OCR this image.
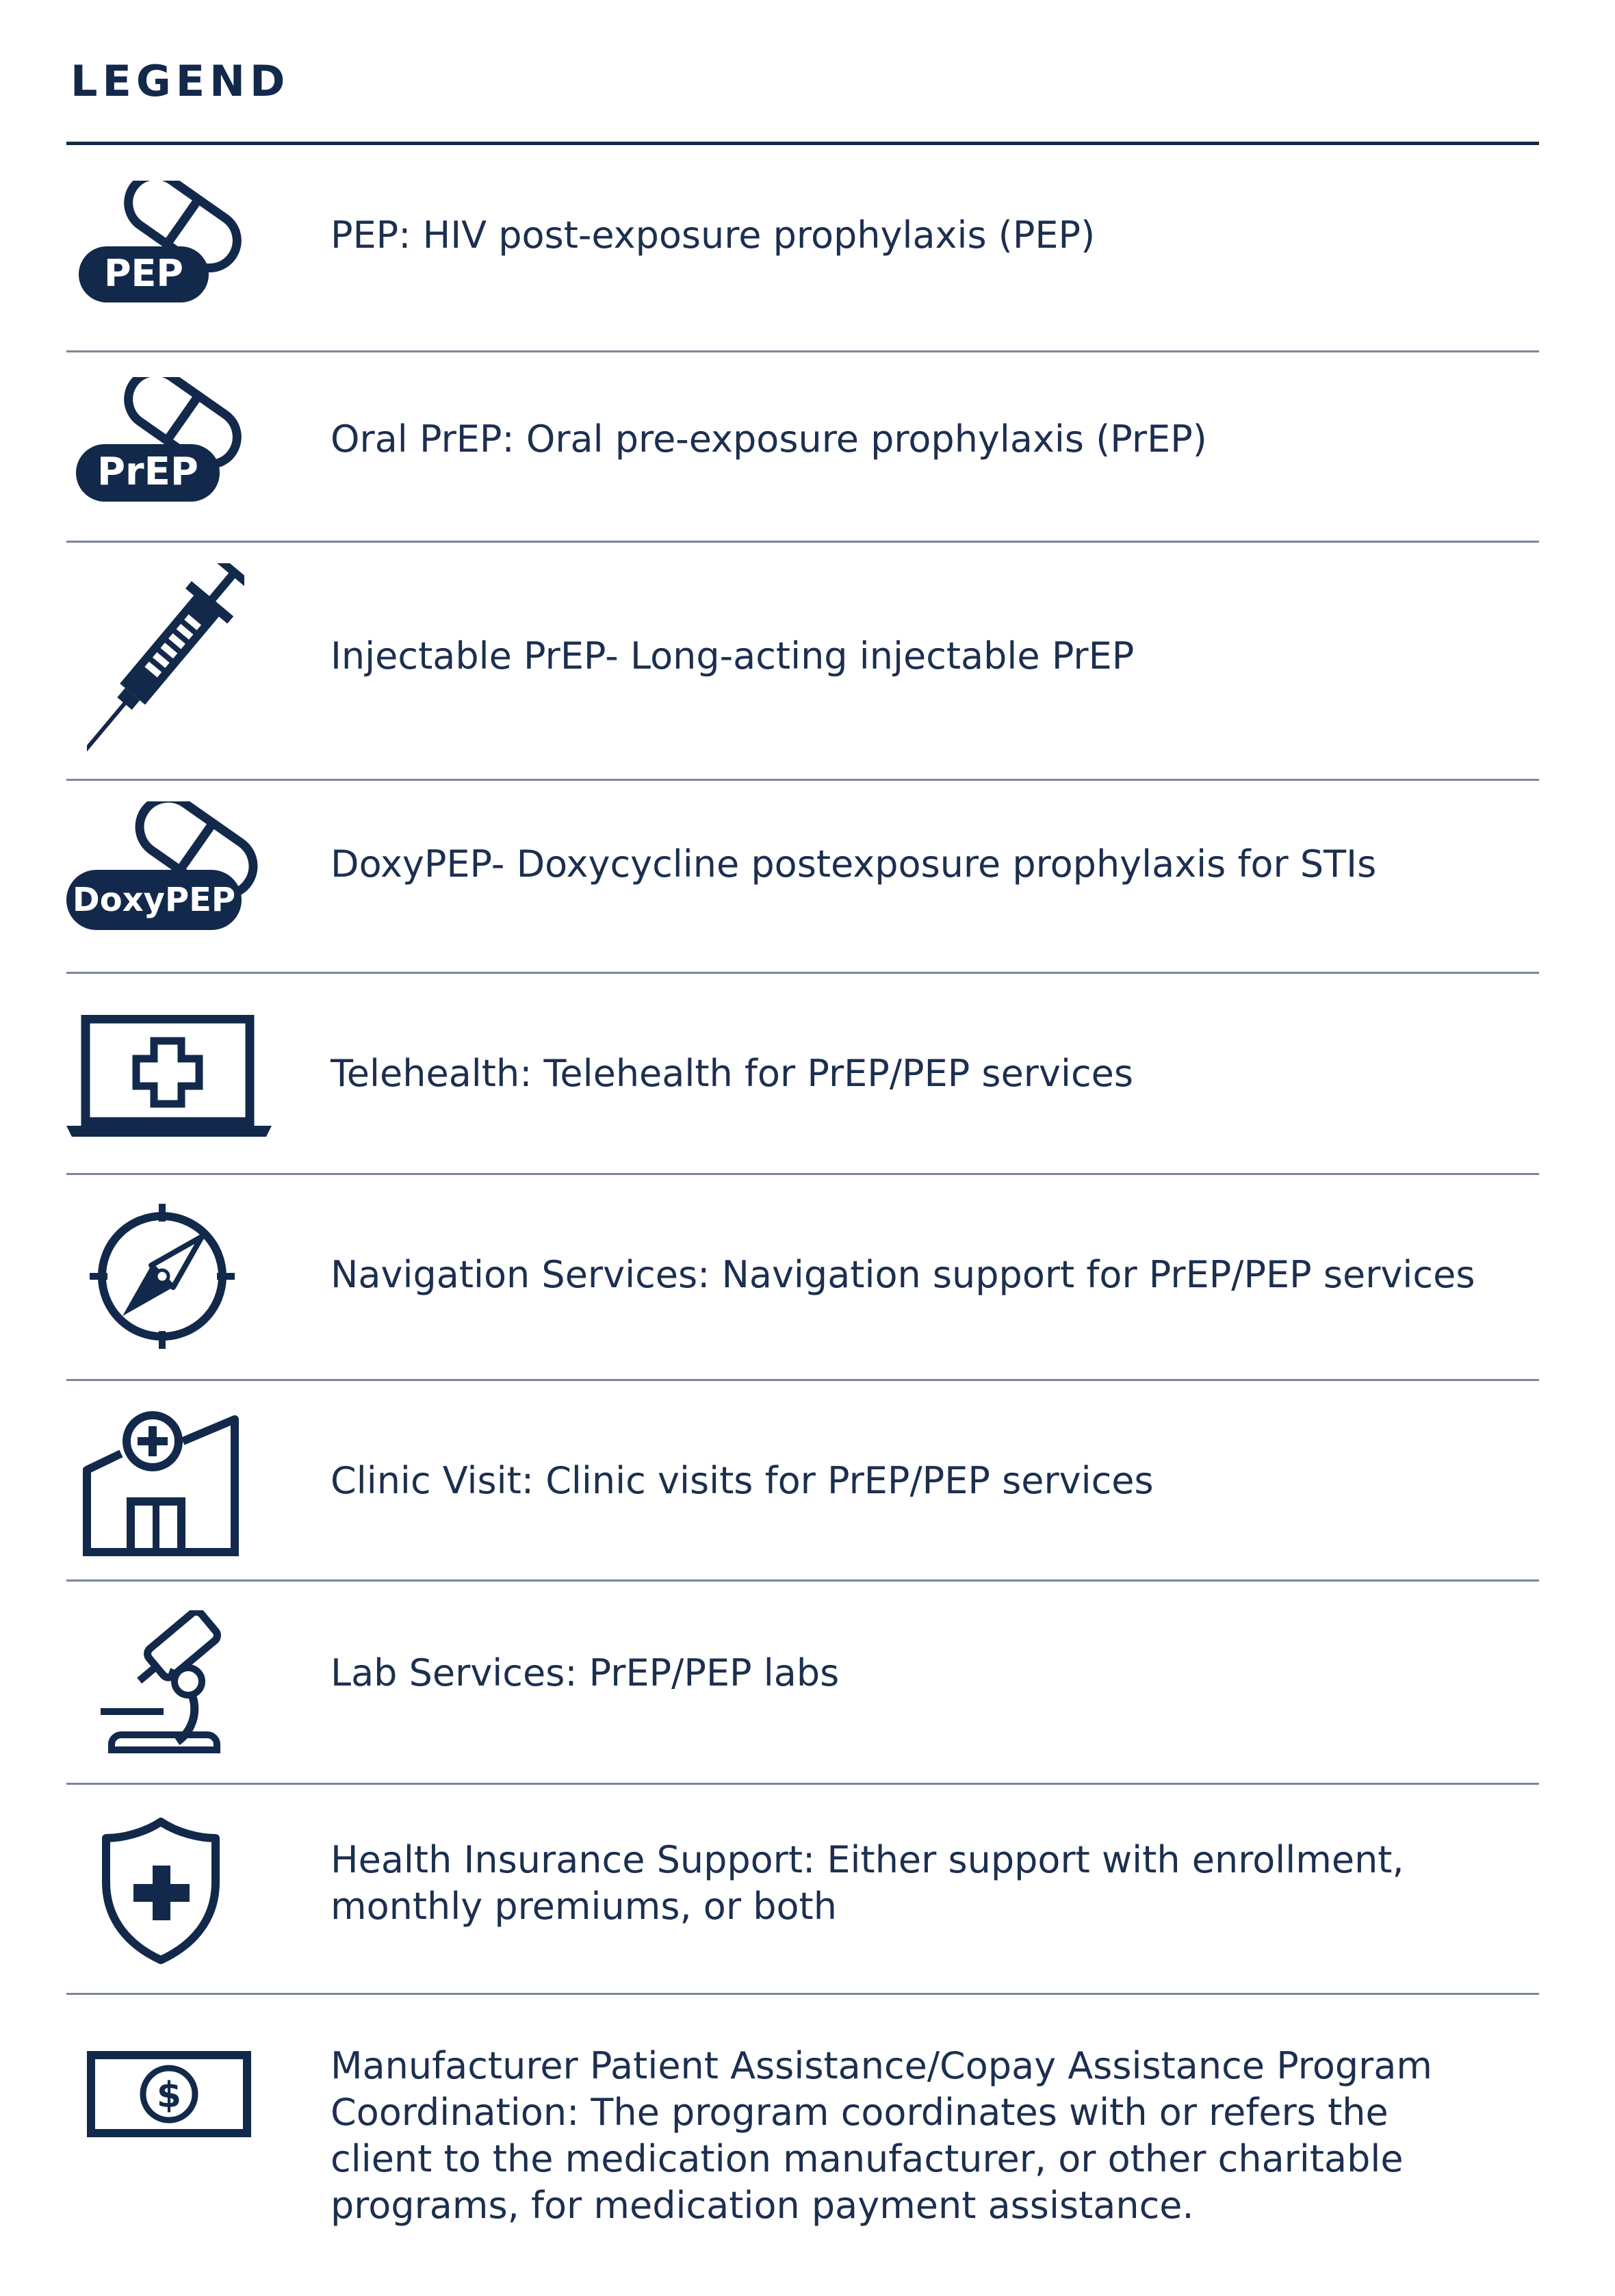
LEGEND
PEP

PEP: HIV post-exposure prophylaxis (PEP)

PrEP

Oral PrEP: Oral pre-exposure prophylaxis (PrEP)

Injectable PrEP- Long-acting injectable PrEP

DoxyPEP

DoxyPEP- Doxycycline postexposure prophylaxis for STIs

Telehealth: Telehealth for PrEP/PEP services

Navigation Services: Navigation support for PrEP/PEP services

Clinic Visit: Clinic visits for PrEP/PEP services

Lab Services: PrEP/PEP labs

Health Insurance Support: Either support with enrollment,

monthly premiums, or both

$

Manufacturer Patient Assistance/Copay Assistance Program

Coordination: The program coordinates with or refers the

client to the medication manufacturer, or other charitable

programs, for medication payment assistance.
